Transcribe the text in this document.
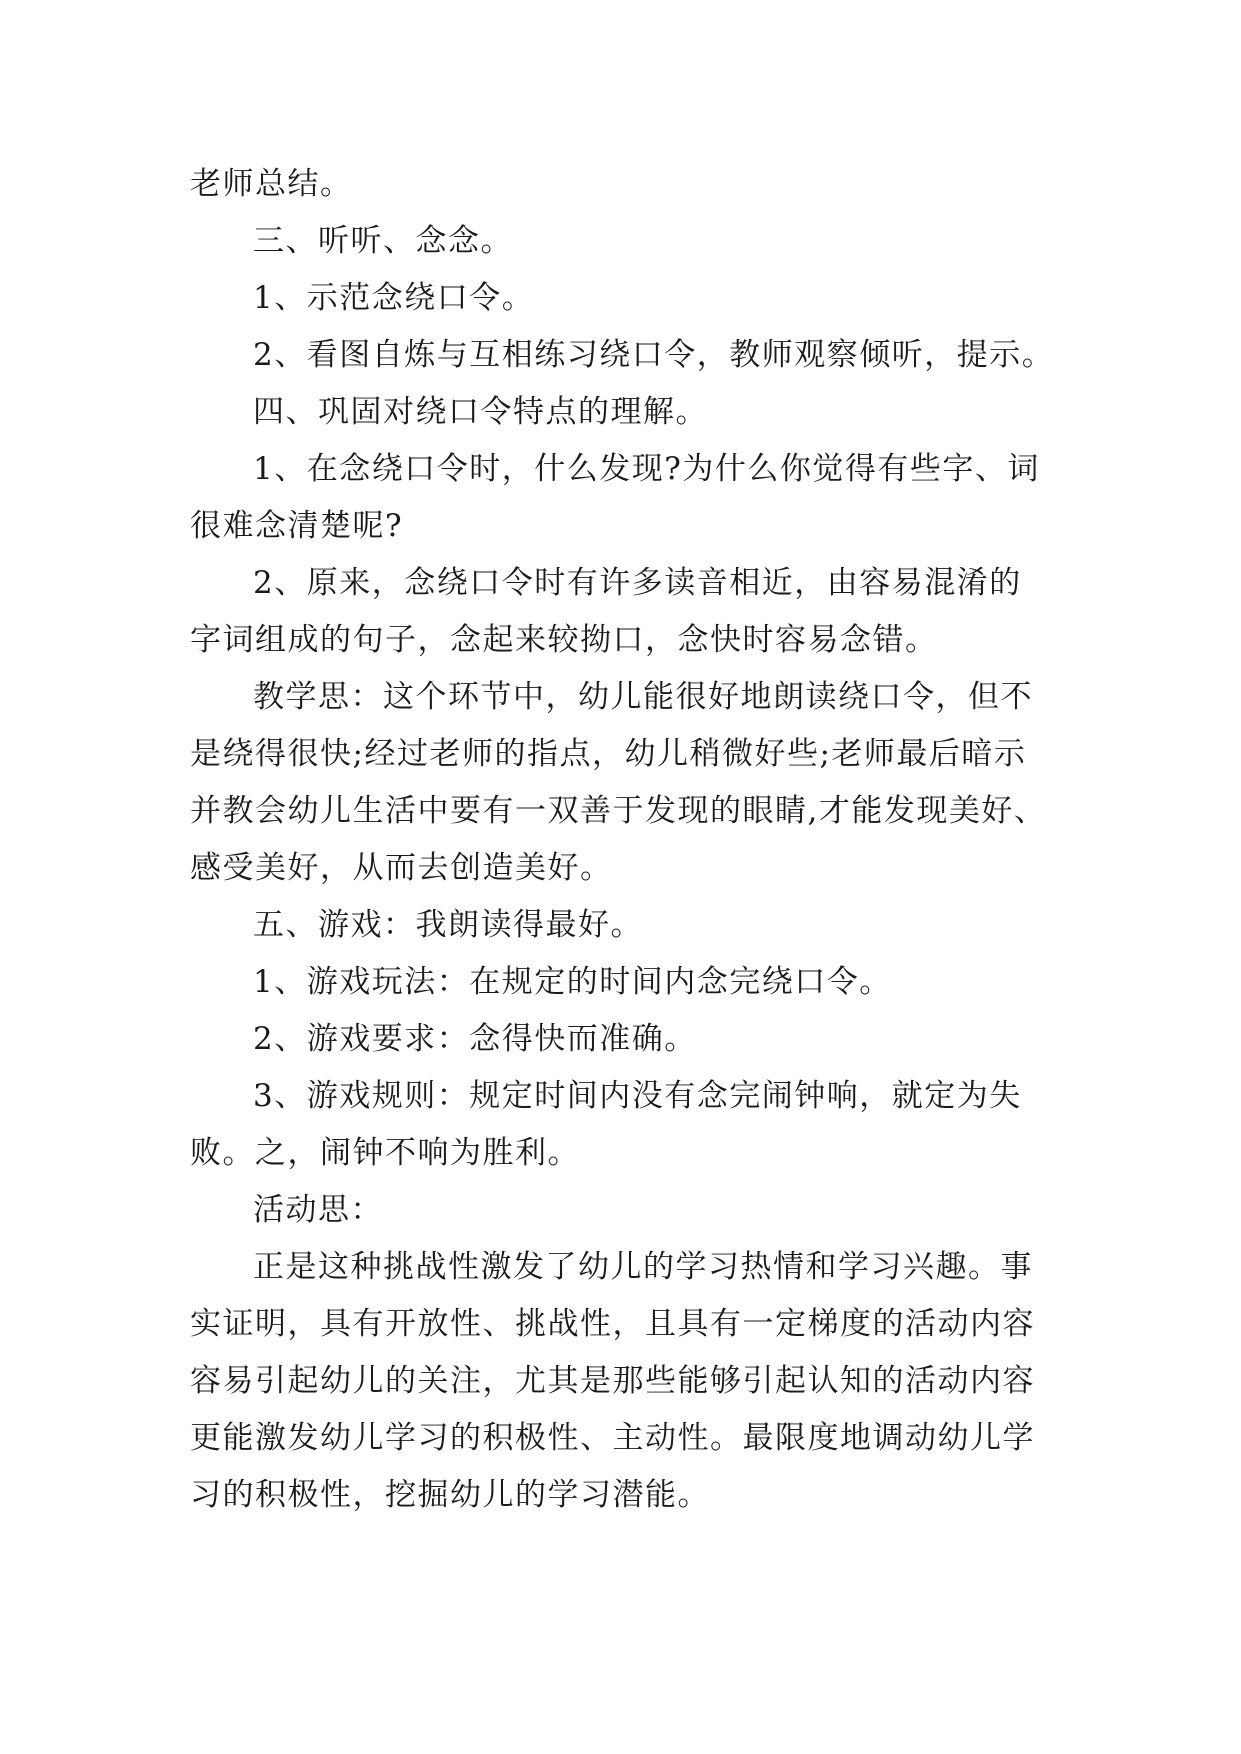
老师总结。
三、听听、念念。
1、示范念绕口令。
2、看图自炼与互相练习绕口令，教师观察倾听，提示。
四、巩固对绕口令特点的理解。
1、在念绕口令时，什么发现?为什么你觉得有些字、词
很难念清楚呢?
2、原来，念绕口令时有许多读音相近，由容易混淆的
字词组成的句子，念起来较拗口，念快时容易念错。
教学思：这个环节中，幼儿能很好地朗读绕口令，但不
是绕得很快;经过老师的指点，幼儿稍微好些;老师最后暗示
并教会幼儿生活中要有一双善于发现的眼睛,才能发现美好、
感受美好，从而去创造美好。
五、游戏：我朗读得最好。
1、游戏玩法：在规定的时间内念完绕口令。
2、游戏要求：念得快而准确。
3、游戏规则：规定时间内没有念完闹钟响，就定为失
败。之，闹钟不响为胜利。
活动思：
正是这种挑战性激发了幼儿的学习热情和学习兴趣。事
实证明，具有开放性、挑战性，且具有一定梯度的活动内容
容易引起幼儿的关注，尤其是那些能够引起认知的活动内容
更能激发幼儿学习的积极性、主动性。最限度地调动幼儿学
习的积极性，挖掘幼儿的学习潜能。
